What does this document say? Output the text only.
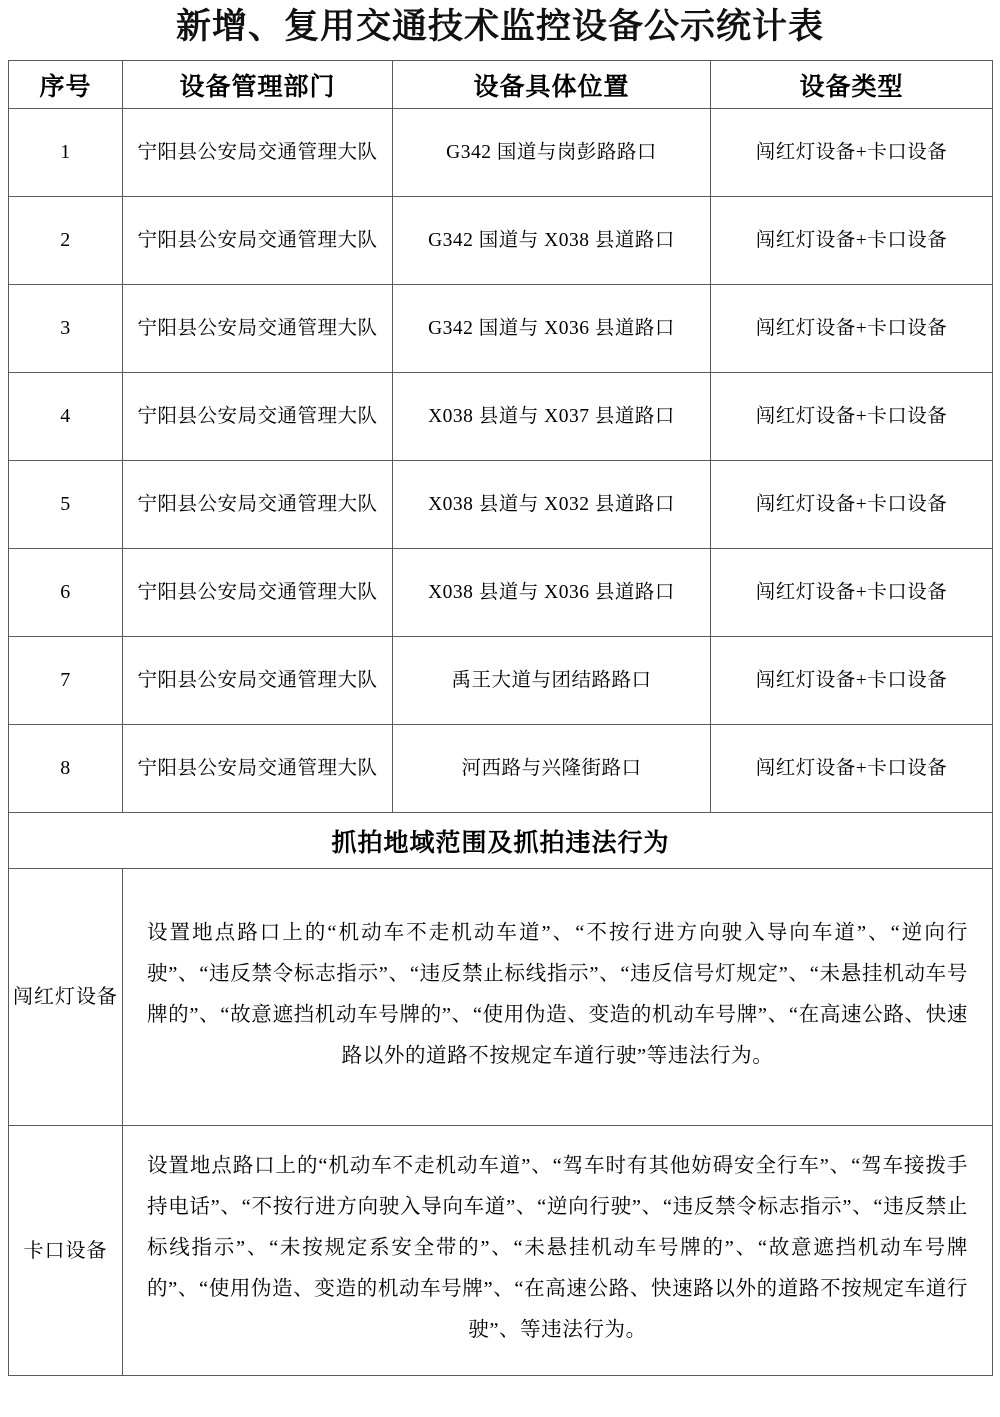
新增、复用交通技术监控设备公示统计表
序号	设备管理部门	设备具体位置	设备类型
1	宁阳县公安局交通管理大队	G342 国道与岗彭路路口	闯红灯设备+卡口设备
2	宁阳县公安局交通管理大队	G342 国道与 X038 县道路口	闯红灯设备+卡口设备
3	宁阳县公安局交通管理大队	G342 国道与 X036 县道路口	闯红灯设备+卡口设备
4	宁阳县公安局交通管理大队	X038 县道与 X037 县道路口	闯红灯设备+卡口设备
5	宁阳县公安局交通管理大队	X038 县道与 X032 县道路口	闯红灯设备+卡口设备
6	宁阳县公安局交通管理大队	X038 县道与 X036 县道路口	闯红灯设备+卡口设备
7	宁阳县公安局交通管理大队	禹王大道与团结路路口	闯红灯设备+卡口设备
8	宁阳县公安局交通管理大队	河西路与兴隆街路口	闯红灯设备+卡口设备
抓拍地域范围及抓拍违法行为			
闯红灯设备	设置地点路口上的“机动车不走机动车道”、“不按行进方向驶入导向车道”、“逆向行驶”、“违反禁令标志指示”、“违反禁止标线指示”、“违反信号灯规定”、“未悬挂机动车号牌的”、“故意遮挡机动车号牌的”、“使用伪造、变造的机动车号牌”、“在高速公路、快速路以外的道路不按规定车道行驶”等违法行为。		
卡口设备	设置地点路口上的“机动车不走机动车道”、“驾车时有其他妨碍安全行车”、“驾车接拨手持电话”、“不按行进方向驶入导向车道”、“逆向行驶”、“违反禁令标志指示”、“违反禁止标线指示”、“未按规定系安全带的”、“未悬挂机动车号牌的”、“故意遮挡机动车号牌的”、“使用伪造、变造的机动车号牌”、“在高速公路、快速路以外的道路不按规定车道行驶”、等违法行为。		
